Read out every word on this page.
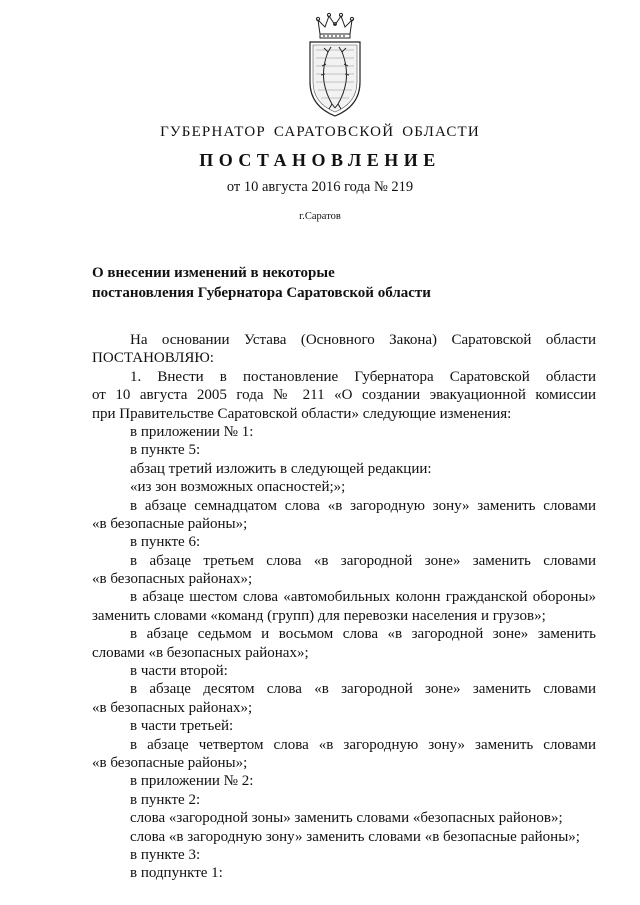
ГУБЕРНАТОР САРАТОВСКОЙ ОБЛАСТИ
ПОСТАНОВЛЕНИЕ
от 10 августа 2016 года № 219
г.Саратов
О внесении изменений в некоторые
постановления Губернатора Саратовской области
На основании Устава (Основного Закона) Саратовской области
ПОСТАНОВЛЯЮ:
1. Внести в постановление Губернатора Саратовской области
от 10 августа 2005 года № 211 «О создании эвакуационной комиссии
при Правительстве Саратовской области» следующие изменения:
в приложении № 1:
в пункте 5:
абзац третий изложить в следующей редакции:
«из зон возможных опасностей;»;
в абзаце семнадцатом слова «в загородную зону» заменить словами
«в безопасные районы»;
в пункте 6:
в абзаце третьем слова «в загородной зоне» заменить словами
«в безопасных районах»;
в абзаце шестом слова «автомобильных колонн гражданской обороны»
заменить словами «команд (групп) для перевозки населения и грузов»;
в абзаце седьмом и восьмом слова «в загородной зоне» заменить
словами «в безопасных районах»;
в части второй:
в абзаце десятом слова «в загородной зоне» заменить словами
«в безопасных районах»;
в части третьей:
в абзаце четвертом слова «в загородную зону» заменить словами
«в безопасные районы»;
в приложении № 2:
в пункте 2:
слова «загородной зоны» заменить словами «безопасных районов»;
слова «в загородную зону» заменить словами «в безопасные районы»;
в пункте 3:
в подпункте 1:
